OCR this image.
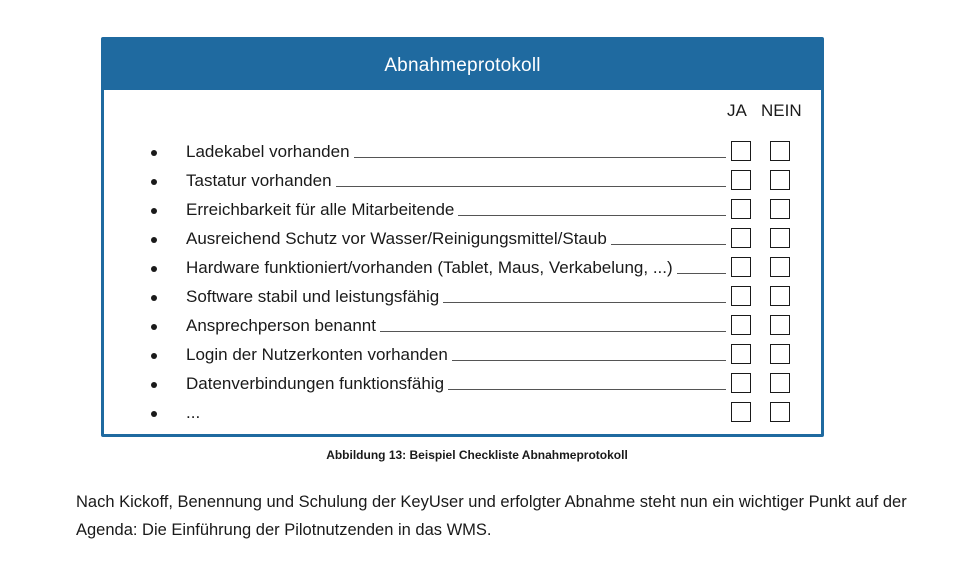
Abnahmeprotokoll
JA NEIN
Ladekabel vorhanden
Tastatur vorhanden
Erreichbarkeit für alle Mitarbeitende
Ausreichend Schutz vor Wasser/Reinigungsmittel/Staub
Hardware funktioniert/vorhanden (Tablet, Maus, Verkabelung, ...)
Software stabil und leistungsfähig
Ansprechperson benannt
Login der Nutzerkonten vorhanden
Datenverbindungen funktionsfähig
...
Abbildung 13: Beispiel Checkliste Abnahmeprotokoll

Nach Kickoff, Benennung und Schulung der KeyUser und erfolgter Abnahme steht nun ein wichtiger Punkt auf der Agenda: Die Einführung der Pilotnutzenden in das WMS.
